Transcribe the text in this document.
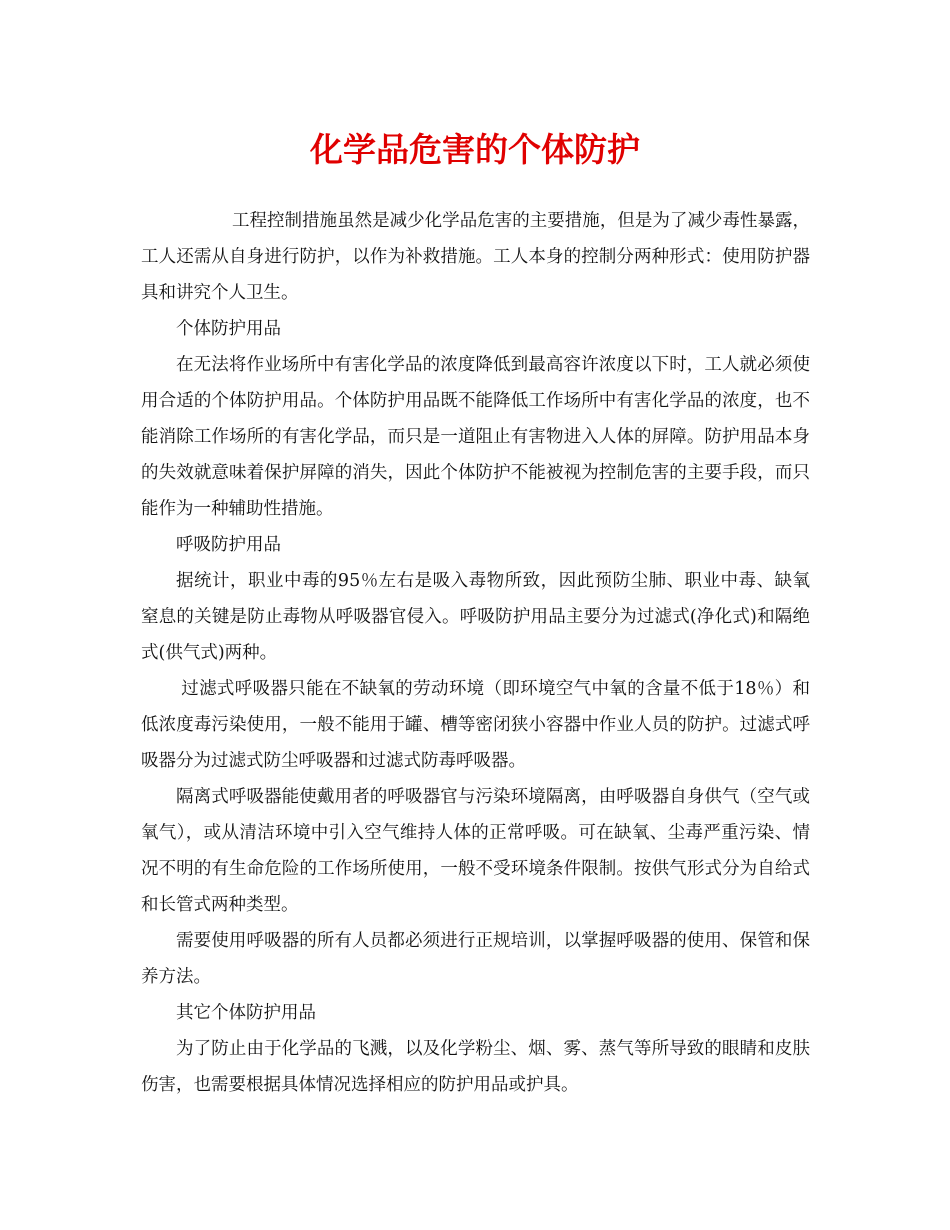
化学品危害的个体防护

工程控制措施虽然是减少化学品危害的主要措施，但是为了减少毒性暴露，工人还需从自身进行防护，以作为补救措施。工人本身的控制分两种形式：使用防护器具和讲究个人卫生。

个体防护用品

在无法将作业场所中有害化学品的浓度降低到最高容许浓度以下时，工人就必须使用合适的个体防护用品。个体防护用品既不能降低工作场所中有害化学品的浓度，也不能消除工作场所的有害化学品，而只是一道阻止有害物进入人体的屏障。防护用品本身的失效就意味着保护屏障的消失，因此个体防护不能被视为控制危害的主要手段，而只能作为一种辅助性措施。

呼吸防护用品

据统计，职业中毒的95％左右是吸入毒物所致，因此预防尘肺、职业中毒、缺氧窒息的关键是防止毒物从呼吸器官侵入。呼吸防护用品主要分为过滤式(净化式)和隔绝式(供气式)两种。

过滤式呼吸器只能在不缺氧的劳动环境（即环境空气中氧的含量不低于18％）和低浓度毒污染使用，一般不能用于罐、槽等密闭狭小容器中作业人员的防护。过滤式呼吸器分为过滤式防尘呼吸器和过滤式防毒呼吸器。

隔离式呼吸器能使戴用者的呼吸器官与污染环境隔离，由呼吸器自身供气（空气或氧气），或从清洁环境中引入空气维持人体的正常呼吸。可在缺氧、尘毒严重污染、情况不明的有生命危险的工作场所使用，一般不受环境条件限制。按供气形式分为自给式和长管式两种类型。

需要使用呼吸器的所有人员都必须进行正规培训，以掌握呼吸器的使用、保管和保养方法。

其它个体防护用品

为了防止由于化学品的飞溅，以及化学粉尘、烟、雾、蒸气等所导致的眼睛和皮肤伤害，也需要根据具体情况选择相应的防护用品或护具。
